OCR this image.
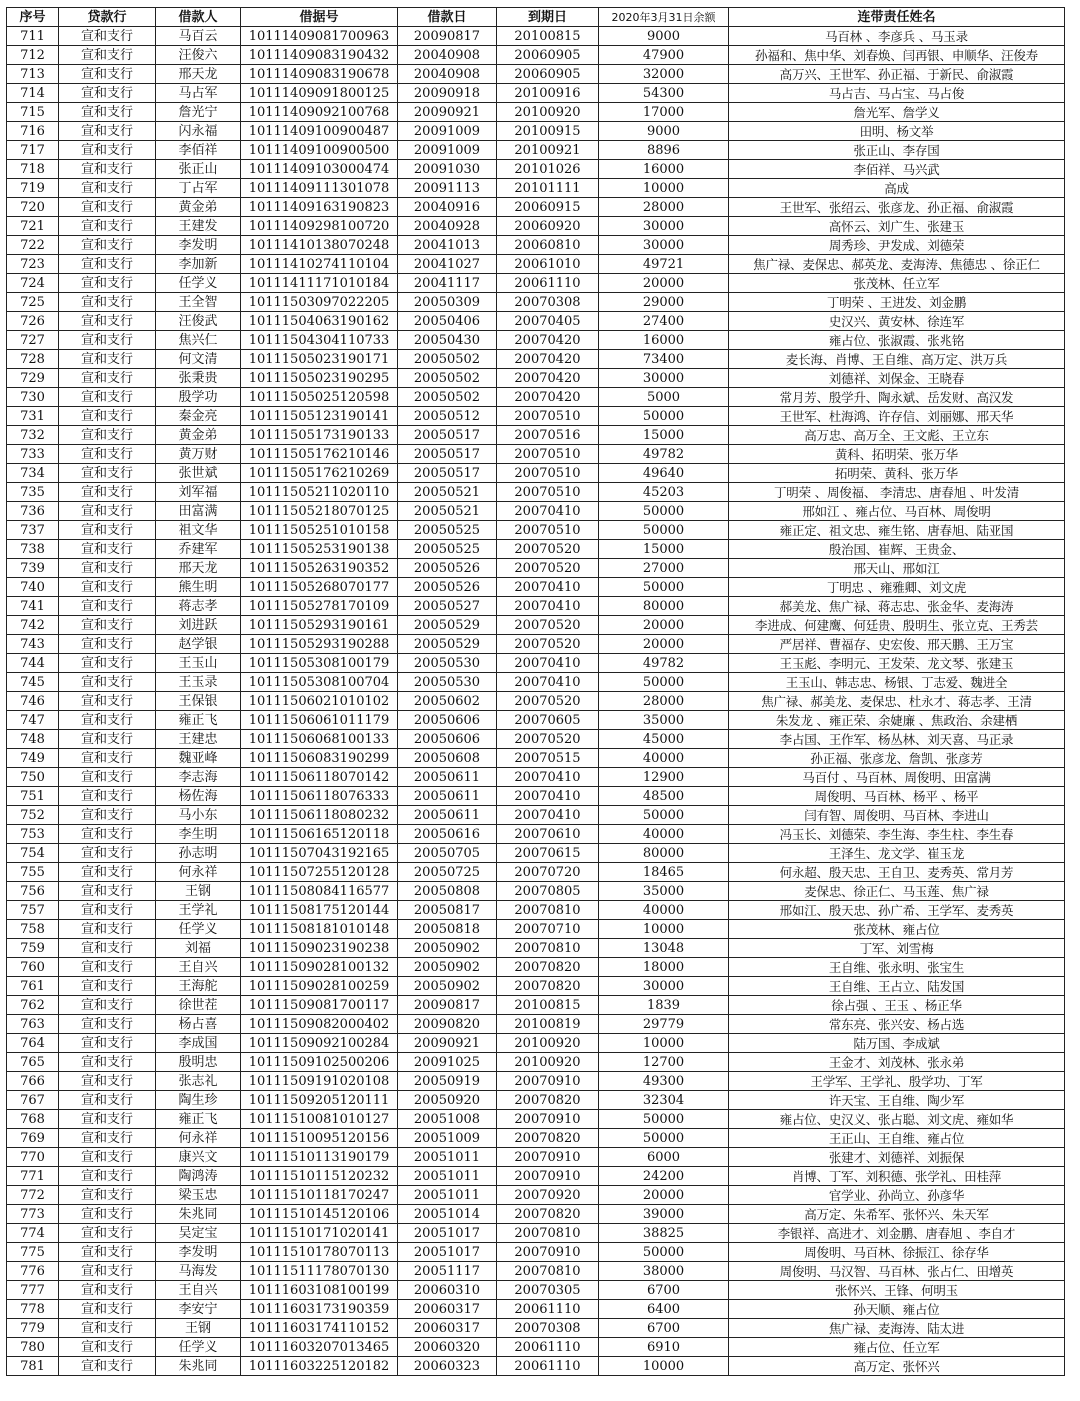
序号	贷款行	借款人	借据号	借款日	到期日	2020年3月31日余额	连带责任姓名
711	宣和支行	马百云	10111409081700963	20090817	20100815	9000	马百林 、李彦兵 、马玉录
712	宣和支行	汪俊六	10111409083190432	20040908	20060905	47900	孙福和、焦中华、刘春焕、闫再银、申顺华、汪俊寿
713	宣和支行	邢天龙	10111409083190678	20040908	20060905	32000	高万兴、王世军、孙正福、于新民、俞淑霞
714	宣和支行	马占军	10111409091800125	20090918	20100916	54300	马占吉、马占宝、马占俊
715	宣和支行	詹光宁	10111409092100768	20090921	20100920	17000	詹光军、詹学义
716	宣和支行	闪永福	10111409100900487	20091009	20100915	9000	田明、杨文举
717	宣和支行	李佰祥	10111409100900500	20091009	20100921	8896	张正山、李存国
718	宣和支行	张正山	10111409103000474	20091030	20101026	16000	李佰祥、马兴武
719	宣和支行	丁占军	10111409111301078	20091113	20101111	10000	高成
720	宣和支行	黄金弟	10111409163190823	20040916	20060915	28000	王世军、张绍云、张彦龙、孙正福、俞淑霞
721	宣和支行	王建发	10111409298100720	20040928	20060920	30000	高怀云、刘广生、张建玉
722	宣和支行	李发明	10111410138070248	20041013	20060810	30000	周秀珍、尹发成、刘德荣
723	宣和支行	李加新	10111410274110104	20041027	20061010	49721	焦广禄、麦保忠、郝英龙、麦海涛、焦德忠 、徐正仁
724	宣和支行	任学义	10111411171010184	20041117	20061110	20000	张茂林、任立军
725	宣和支行	王全智	10111503097022205	20050309	20070308	29000	丁明荣 、王进发、刘金鹏
726	宣和支行	汪俊武	10111504063190162	20050406	20070405	27400	史汉兴、黄安林、徐连军
727	宣和支行	焦兴仁	10111504304110733	20050430	20070420	16000	雍占位、张淑霞、张兆铭
728	宣和支行	何文清	10111505023190171	20050502	20070420	73400	麦长海、肖博、王自维、高万定、洪万兵
729	宣和支行	张秉贵	10111505023190295	20050502	20070420	30000	刘德祥、刘保金、王晓春
730	宣和支行	殷学功	10111505025120598	20050502	20070420	5000	常月芳、殷学升、陶永斌、岳发财、高汉发
731	宣和支行	秦金亮	10111505123190141	20050512	20070510	50000	王世军、杜海鸿、许存信、刘丽娜、邢天华
732	宣和支行	黄金弟	10111505173190133	20050517	20070516	15000	高万忠、高万全、王文彪、王立东
733	宣和支行	黄万财	10111505176210146	20050517	20070510	49782	黄科、拓明荣、张万华
734	宣和支行	张世斌	10111505176210269	20050517	20070510	49640	拓明荣、黄科、张万华
735	宣和支行	刘军福	10111505211020110	20050521	20070510	45203	丁明荣 、周俊福、 李清忠、唐春旭 、叶发清
736	宣和支行	田富满	10111505218070125	20050521	20070410	50000	邢如江 、雍占位、马百林、周俊明
737	宣和支行	祖文华	10111505251010158	20050525	20070510	50000	雍正定、祖文忠、雍生铭、唐春旭、陆亚国
738	宣和支行	乔建军	10111505253190138	20050525	20070520	15000	殷治国、崔辉、王贵金、
739	宣和支行	邢天龙	10111505263190352	20050526	20070520	27000	邢天山、邢如江
740	宣和支行	熊生明	10111505268070177	20050526	20070410	50000	丁明忠 、雍雅卿、刘文虎
741	宣和支行	蒋志孝	10111505278170109	20050527	20070410	80000	郝美龙、焦广禄、蒋志忠、张金华、麦海涛
742	宣和支行	刘进跃	10111505293190161	20050529	20070520	20000	李进成、何建鹰、何廷贵、殷明生、张立克、王秀芸
743	宣和支行	赵学银	10111505293190288	20050529	20070520	20000	严居祥、曹福存、史宏俊、邢天鹏、王万宝
744	宣和支行	王玉山	10111505308100179	20050530	20070410	49782	王玉彪、李明元、王发荣、龙文琴、张建玉
745	宣和支行	王玉录	10111505308100704	20050530	20070410	50000	王玉山、韩志忠、杨银、丁志爱、魏进全
746	宣和支行	王保银	10111506021010102	20050602	20070520	28000	焦广禄、郝美龙、麦保忠、杜永才、蒋志孝、王清
747	宣和支行	雍正飞	10111506061011179	20050606	20070605	35000	朱发龙 、雍正荣、余婕廉 、焦政治、余建栖
748	宣和支行	王建忠	10111506068100133	20050606	20070520	45000	李占国、王作军、杨丛林、刘天喜、马正录
749	宣和支行	魏亚峰	10111506083190299	20050608	20070515	40000	孙正福、张彦龙、詹凯、张彦芳
750	宣和支行	李志海	10111506118070142	20050611	20070410	12900	马百付 、马百林、周俊明、田富满
751	宣和支行	杨佐海	10111506118076333	20050611	20070410	48500	周俊明、马百林、杨平 、杨平
752	宣和支行	马小东	10111506118080232	20050611	20070410	50000	闫有智、周俊明、马百林、李进山
753	宣和支行	李生明	10111506165120118	20050616	20070610	40000	冯玉长、刘德荣、李生海、李生柱、李生春
754	宣和支行	孙志明	10111507043192165	20050705	20070615	80000	王泽生、龙文学、崔玉龙
755	宣和支行	何永祥	10111507255120128	20050725	20070720	18465	何永超、殷天忠、王自卫、麦秀英、常月芳
756	宣和支行	王钢	10111508084116577	20050808	20070805	35000	麦保忠、徐正仁、马玉莲、焦广禄
757	宣和支行	王学礼	10111508175120144	20050817	20070810	40000	邢如江、殷天忠、孙广希、王学军、麦秀英
758	宣和支行	任学义	10111508181010148	20050818	20070710	10000	张茂林、雍占位
759	宣和支行	刘福	10111509023190238	20050902	20070810	13048	丁军、刘雪梅
760	宣和支行	王自兴	10111509028100132	20050902	20070820	18000	王自维、张永明、张宝生
761	宣和支行	王海舵	10111509028100259	20050902	20070820	30000	王自维、王占立、陆发国
762	宣和支行	徐世茬	10111509081700117	20090817	20100815	1839	徐占强 、王玉 、杨正华
763	宣和支行	杨占喜	10111509082000402	20090820	20100819	29779	常东亮、张兴安、杨占选
764	宣和支行	李成国	10111509092100284	20090921	20100920	10000	陆万国、李成斌
765	宣和支行	殷明忠	10111509102500206	20091025	20100920	12700	王金才、刘茂林、张永弟
766	宣和支行	张志礼	10111509191020108	20050919	20070910	49300	王学军、王学礼、殷学功、丁军
767	宣和支行	陶生珍	10111509205120111	20050920	20070820	32304	许天宝、王自维、陶少军
768	宣和支行	雍正飞	10111510081010127	20051008	20070910	50000	雍占位、史汉义、张占聪、刘文虎、雍如华
769	宣和支行	何永祥	10111510095120156	20051009	20070820	50000	王正山、王自维、雍占位
770	宣和支行	康兴文	10111510113190179	20051011	20070910	6000	张建才、刘德祥、刘振保
771	宣和支行	陶鸿涛	10111510115120232	20051011	20070910	24200	肖博、丁军、刘积德、张学礼、田桂萍
772	宣和支行	梁玉忠	10111510118170247	20051011	20070920	20000	官学业、孙尚立、孙彦华
773	宣和支行	朱兆同	10111510145120106	20051014	20070820	39000	高万定、朱希军、张怀兴、朱天军
774	宣和支行	吴定宝	10111510171020141	20051017	20070810	38825	李银祥、高进才、刘金鹏、唐春旭 、李自才
775	宣和支行	李发明	10111510178070113	20051017	20070910	50000	周俊明、马百林、徐振江、徐存华
776	宣和支行	马海发	10111511178070130	20051117	20070810	38000	周俊明、马汉智、马百林、张占仁、田增英
777	宣和支行	王自兴	10111603108100199	20060310	20070305	6700	张怀兴、王锋、何明玉
778	宣和支行	李安宁	10111603173190359	20060317	20061110	6400	孙天顺、雍占位
779	宣和支行	王钢	10111603174110152	20060317	20070308	6700	焦广禄、麦海涛、陆太进
780	宣和支行	任学义	10111603207013465	20060320	20061110	6910	雍占位、任立军
781	宣和支行	朱兆同	10111603225120182	20060323	20061110	10000	高万定、张怀兴
